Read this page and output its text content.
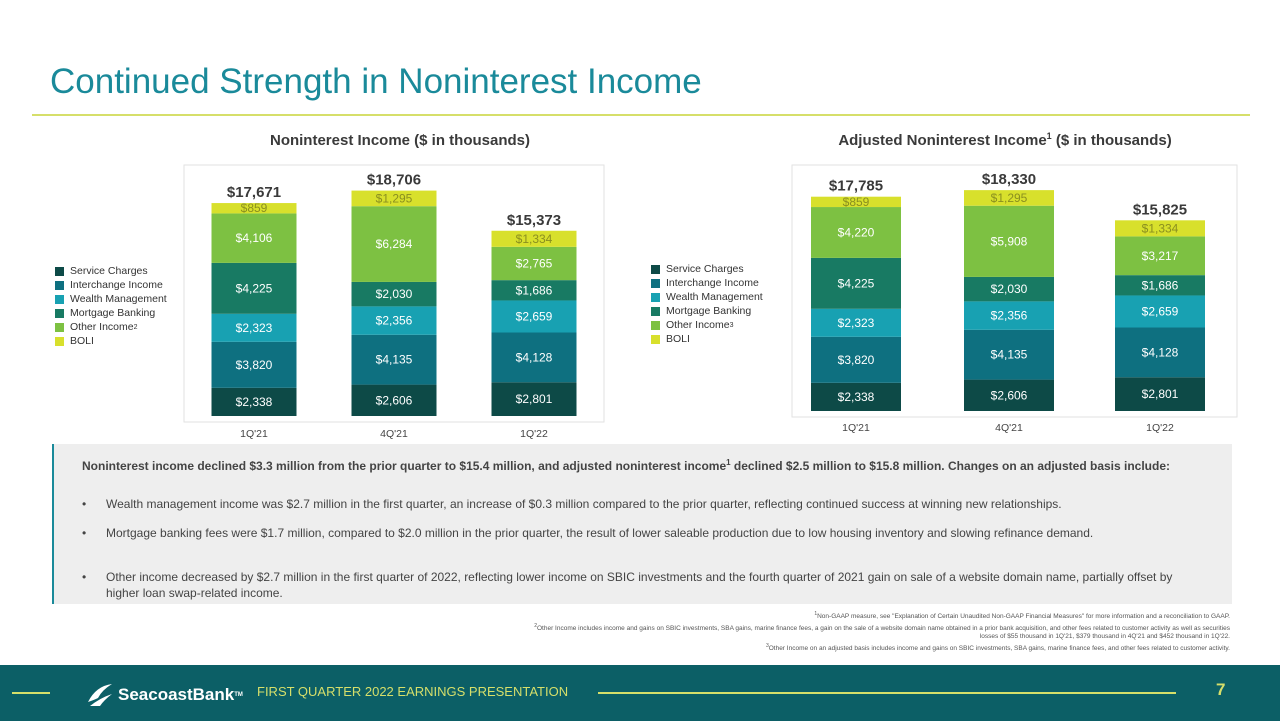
Continued Strength in Noninterest Income
Noninterest Income ($ in thousands)	Adjusted Noninterest Income$^1$ ($ in thousands)
$2,338
$3,820
$2,323
$4,225
$4,106
$859
$17,671
1Q'21
$2,606
$4,135
$2,356
$2,030
$6,284
$1,295
$18,706
4Q'21
$2,801
$4,128
$2,659
$1,686
$2,765
$1,334
$15,373
1Q'22
$2,338
$3,820
$2,323
$4,225
$4,220
$859
$17,785
1Q'21
$2,606
$4,135
$2,356
$2,030
$5,908
$1,295
$18,330
4Q'21
$2,801
$4,128
$2,659
$1,686
$3,217
$1,334
$15,825
1Q'22
Service Charges
Interchange Income
Wealth Management
Mortgage Banking
Other Income 2
BOLI
Service Charges
Interchange Income
Wealth Management
Mortgage Banking
Other Income 3
BOLI
Noninterest income declined $3.3 million from the prior quarter to $15.4 million, and adjusted noninterest income$^1$ declined $2.5 million to $15.8 million. Changes on an adjusted basis include:
•	Wealth management income was $2.7 million in the first quarter, an increase of $0.3 million compared to the prior quarter, reflecting continued success at winning new relationships.
•	Mortgage banking fees were $1.7 million, compared to $2.0 million in the prior quarter, the result of lower saleable production due to low housing inventory and slowing refinance demand.
•	Other income decreased by $2.7 million in the first quarter of 2022, reflecting lower income on SBIC investments and the fourth quarter of 2021 gain on sale of a website domain name, partially offset by higher loan swap-related income.
$^1$Non-GAAP measure, see "Explanation of Certain Unaudited Non-GAAP Financial Measures" for more information and a reconciliation to GAAP.
$^2$Other Income includes income and gains on SBIC investments, SBA gains, marine finance fees, a gain on the sale of a website domain name obtained in a prior bank acquisition, and other fees related to customer activity as well as securities losses of $55 thousand in 1Q'21, $379 thousand in 4Q'21 and $452 thousand in 1Q'22.
$^3$Other Income on an adjusted basis includes income and gains on SBIC investments, SBA gains, marine finance fees, and other fees related to customer activity.
SeacoastBank TM FIRST QUARTER 2022 EARNINGS PRESENTATION	7
